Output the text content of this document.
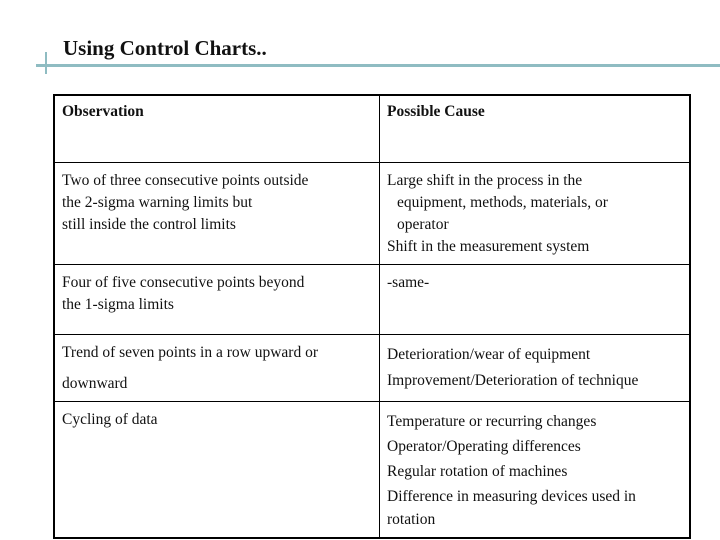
Using Control Charts..
Observation	Possible Cause

Two of three consecutive points outside
the 2-sigma warning limits but
still inside the control limits	Large shift in the process in the
equipment, methods, materials, or
operator
Shift in the measurement system

Four of five consecutive points beyond
the 1-sigma limits	-same-

Trend of seven points in a row upward or
downward	Deterioration/wear of equipment
Improvement/Deterioration of technique

Cycling of data	Temperature or recurring changes
Operator/Operating differences
Regular rotation of machines
Difference in measuring devices used in
rotation
